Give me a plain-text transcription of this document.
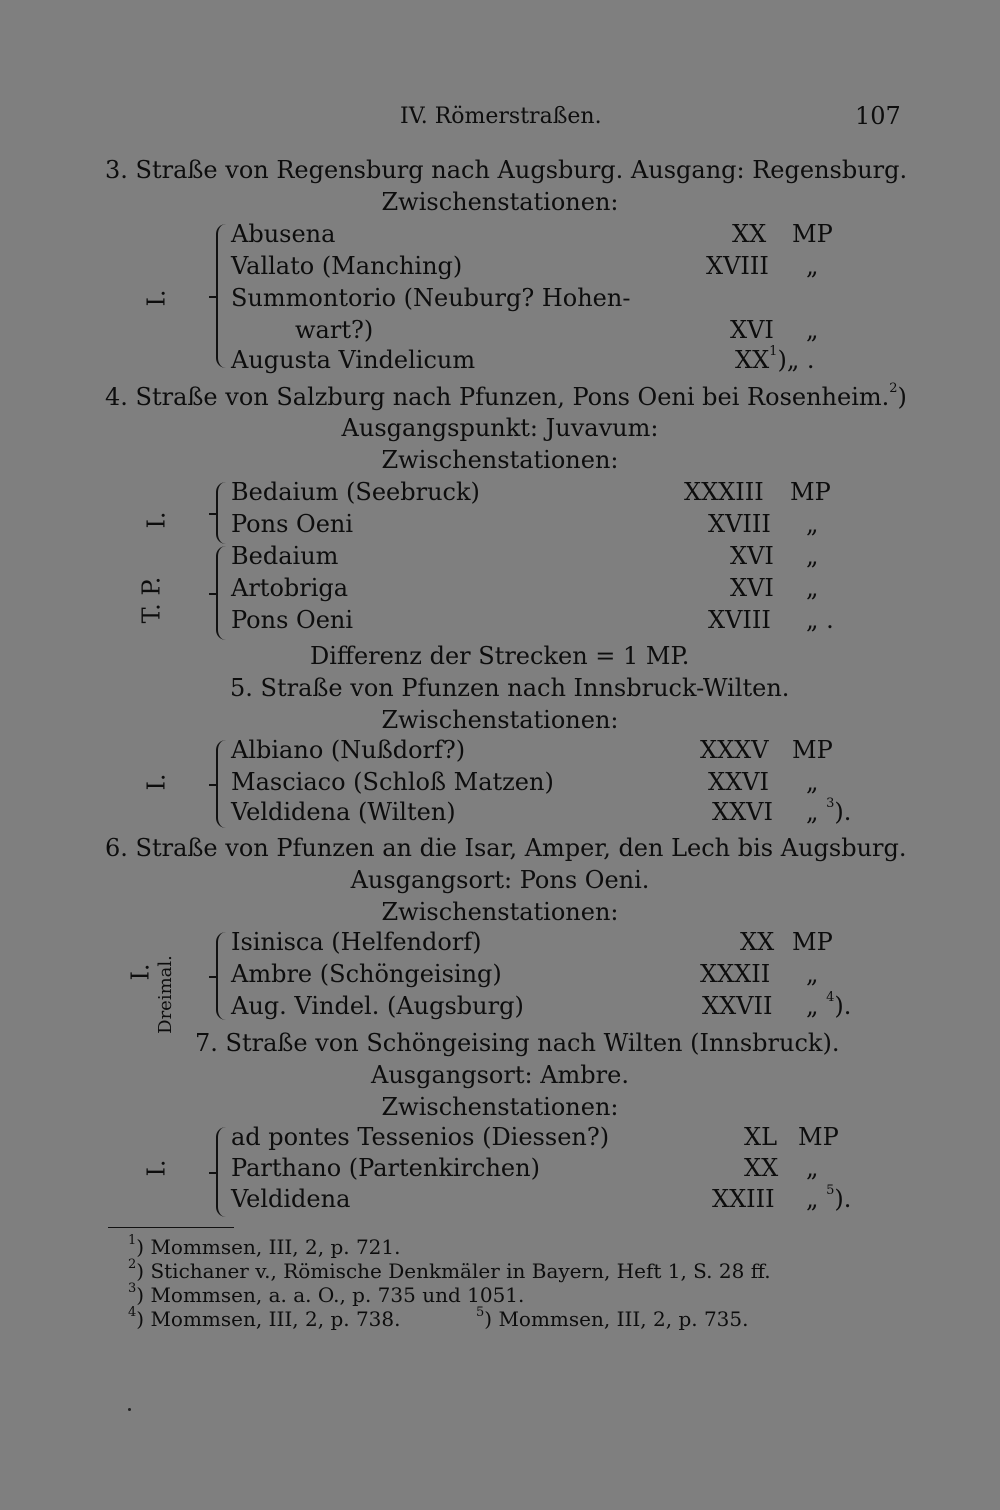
IV. Römerstraßen.	107
3. Straße von Regensburg nach Augsburg. Ausgang: Regensburg.
Zwischenstationen:
I.
Abusena	XX MP
Vallato (Manching)	XVIII „
Summontorio (Neuburg? Hohen-
wart?)	XVI „
Augusta Vindelicum	$XX^1)„$ .
4. Straße von Salzburg nach Pfunzen, Pons Oeni bei Rosenheim.$^2$)
Ausgangspunkt: Juvavum:
Zwischenstationen:
I.
Bedaium (Seebruck)	XXXIII MP
Pons Oeni	XVIII „
T. P.
Bedaium	XVI „
Artobriga	XVI „
Pons Oeni	XVIII „ .
Differenz der Strecken = 1 MP.
5. Straße von Pfunzen nach Innsbruck-Wilten.
Zwischenstationen:
I.
Albiano (Nußdorf?)	XXXV MP
Masciaco (Schloß Matzen)	XXVI „
Veldidena (Wilten)	XXVI „ $^3$).
6. Straße von Pfunzen an die Isar, Amper, den Lech bis Augsburg.
Ausgangsort: Pons Oeni.
Zwischenstationen:
I. Dreimal.
Isinisca (Helfendorf)	XX MP
Ambre (Schöngeising)	XXXII „
Aug. Vindel. (Augsburg)	XXVII „ $^4$).
7. Straße von Schöngeising nach Wilten (Innsbruck).
Ausgangsort: Ambre.
Zwischenstationen:
I.
ad pontes Tessenios (Diessen?)	XL MP
Parthano (Partenkirchen)	XX „
Veldidena	XXIII „ $^5$).
$^1$) Mommsen, III, 2, p. 721.
$^2$) Stichaner v., Römische Denkmäler in Bayern, Heft 1, S. 28 ff.
$^3$) Mommsen, a. a. O., p. 735 und 1051.
$^4$) Mommsen, III, 2, p. 738.	$^5$) Mommsen, III, 2, p. 735.
